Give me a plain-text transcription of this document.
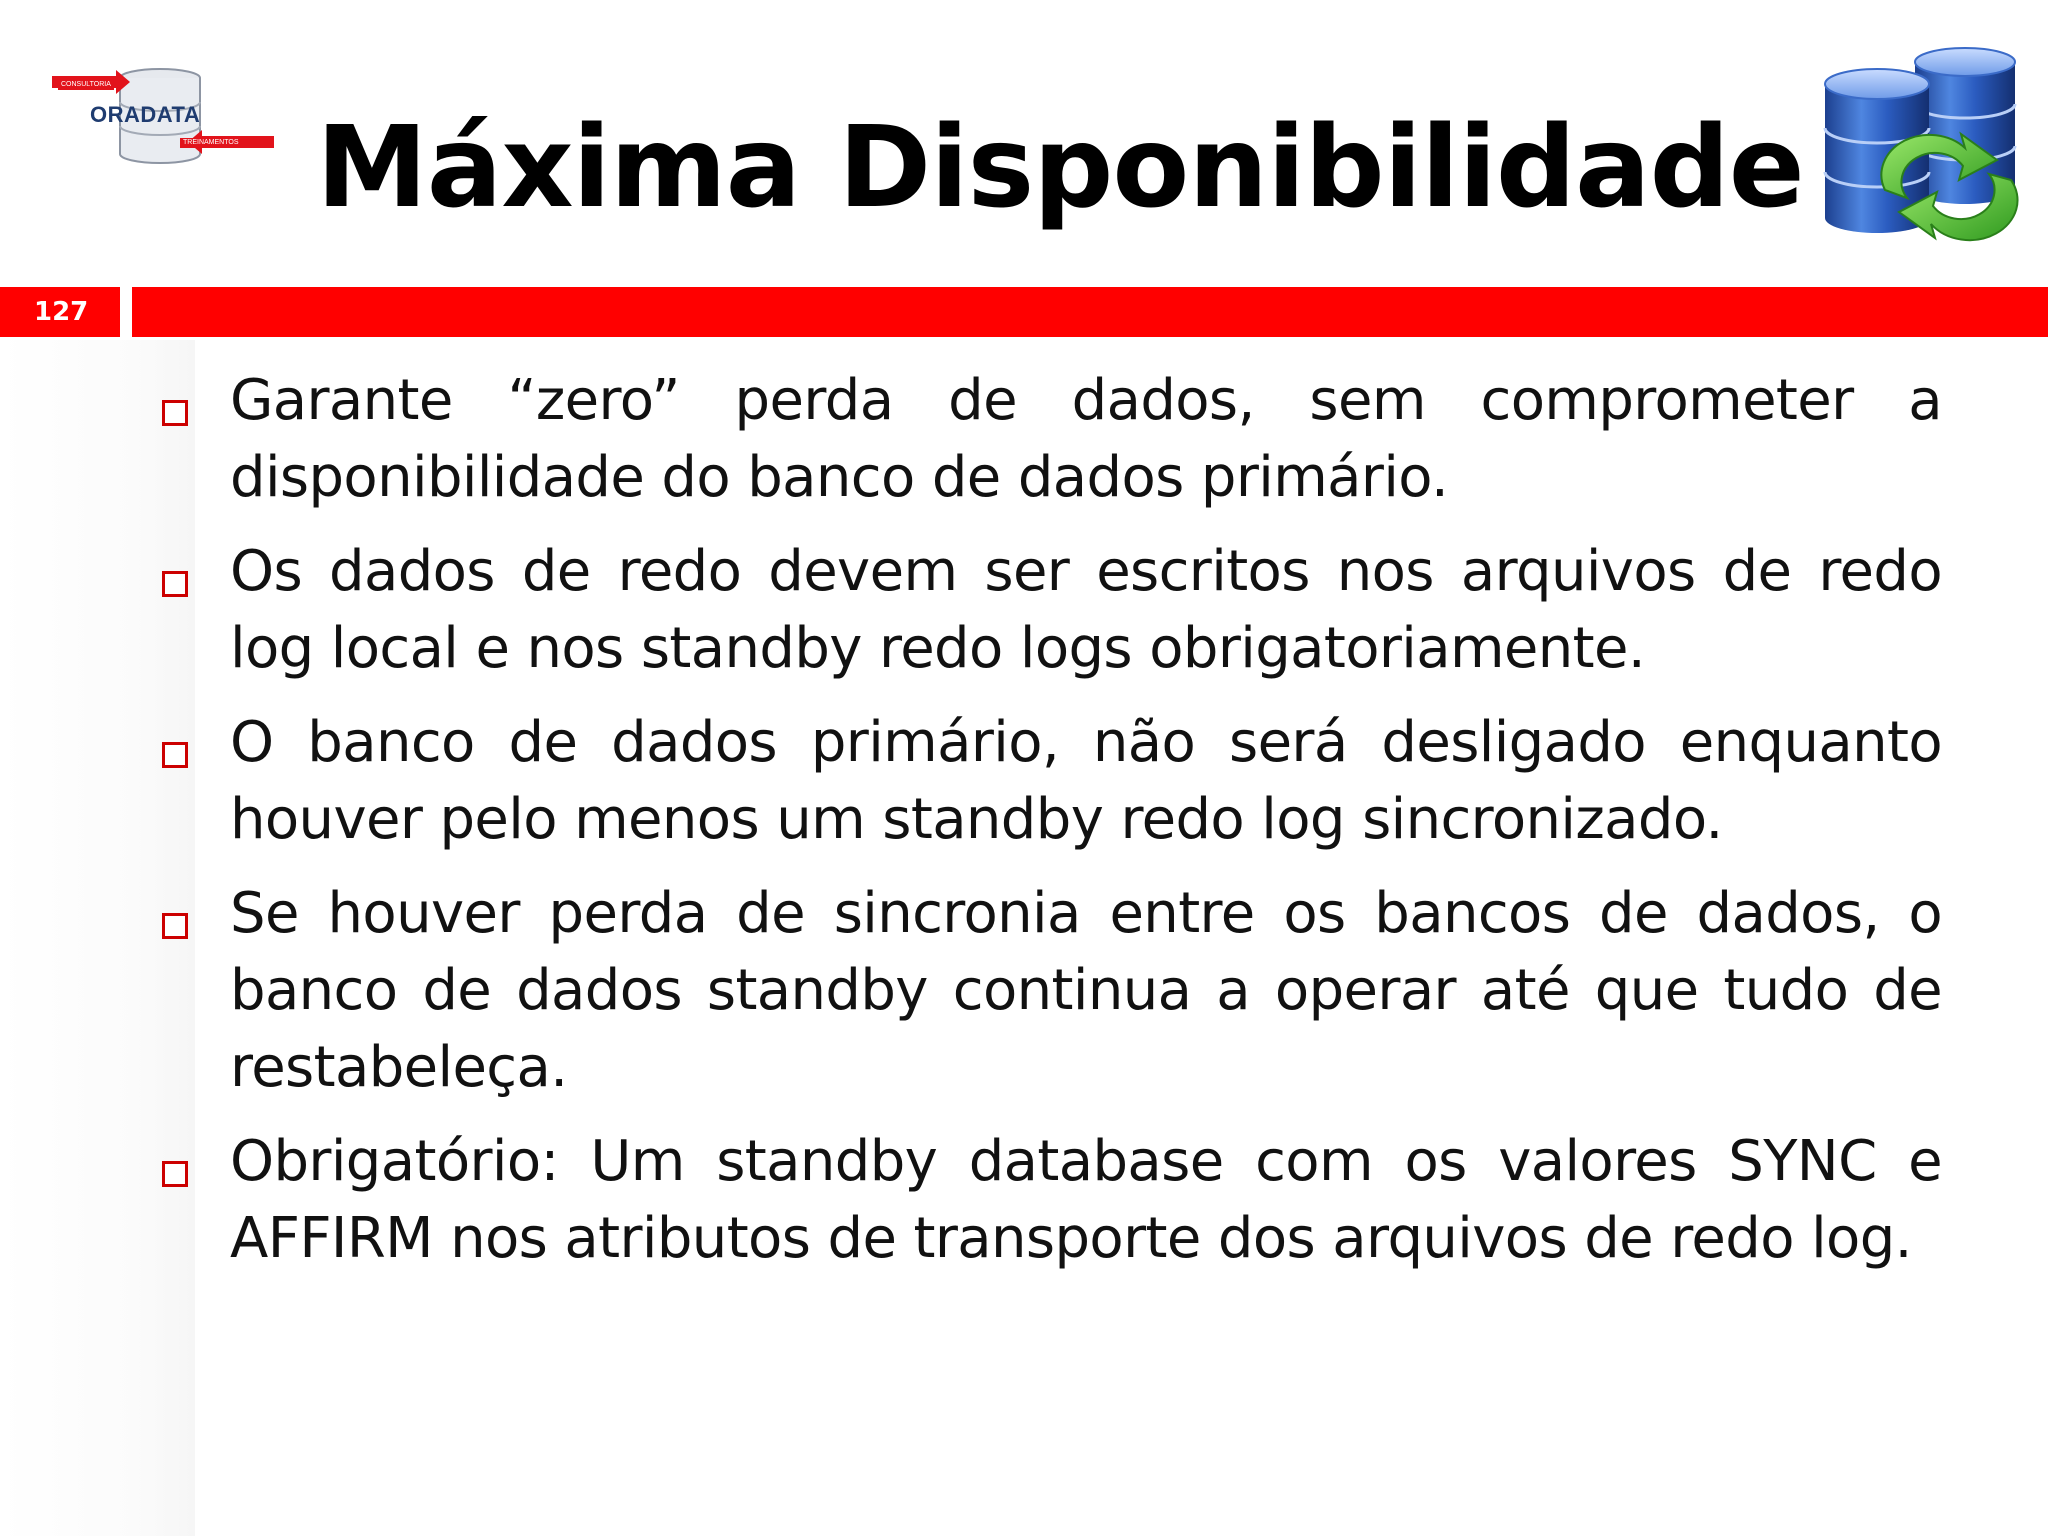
CONSULTORIA
ORADATA
TREINAMENTOS Máxima Disponibilidade
127
Garante “zero” perda de dados, sem comprometer a disponibilidade do banco de dados primário.
Os dados de redo devem ser escritos nos arquivos de redo log local e nos standby redo logs obrigatoriamente.
O banco de dados primário, não será desligado enquanto houver pelo menos um standby redo log sincronizado.
Se houver perda de sincronia entre os bancos de dados, o banco de dados standby continua a operar até que tudo de restabeleça.
Obrigatório: Um standby database com os valores SYNC e AFFIRM nos atributos de transporte dos arquivos de redo log.
